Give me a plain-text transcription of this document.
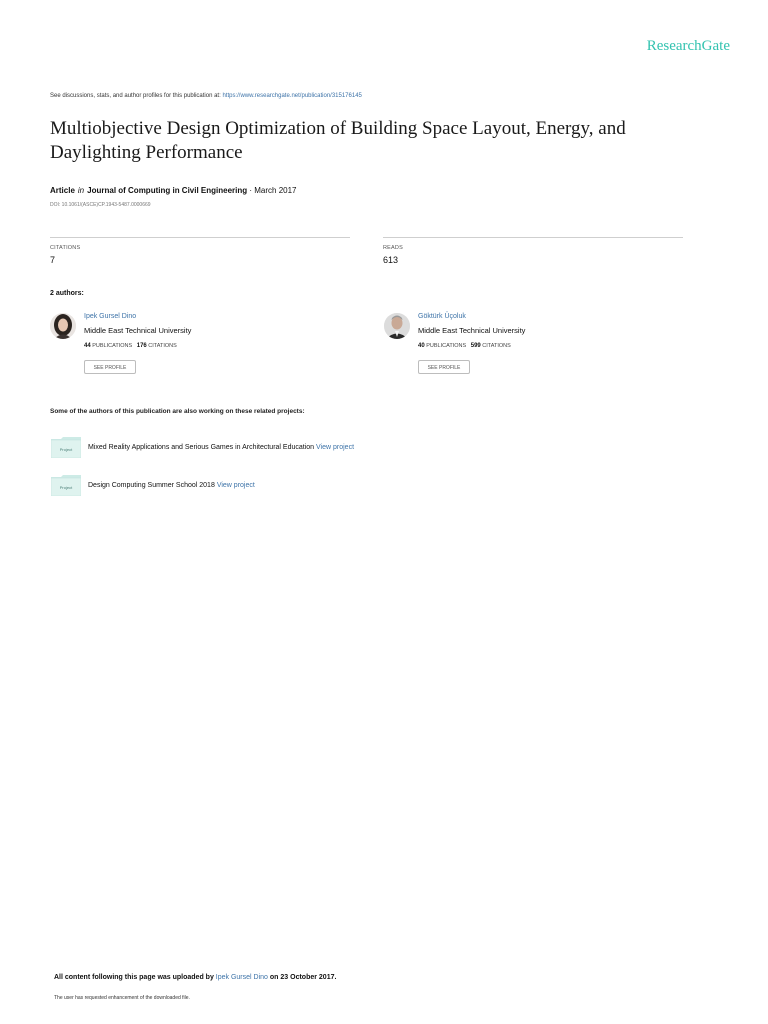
ResearchGate
See discussions, stats, and author profiles for this publication at: https://www.researchgate.net/publication/315176145
Multiobjective Design Optimization of Building Space Layout, Energy, and Daylighting Performance
Article in Journal of Computing in Civil Engineering · March 2017
DOI: 10.1061/(ASCE)CP.1943-5487.0000669
CITATIONS
7
READS
613
2 authors:
Ipek Gursel Dino
Middle East Technical University
44 PUBLICATIONS 176 CITATIONS
SEE PROFILE
Göktürk Üçoluk
Middle East Technical University
40 PUBLICATIONS 599 CITATIONS
SEE PROFILE
Some of the authors of this publication are also working on these related projects:
Project Mixed Reality Applications and Serious Games in Architectural Education View project
Project Design Computing Summer School 2018 View project
All content following this page was uploaded by Ipek Gursel Dino on 23 October 2017.
The user has requested enhancement of the downloaded file.
